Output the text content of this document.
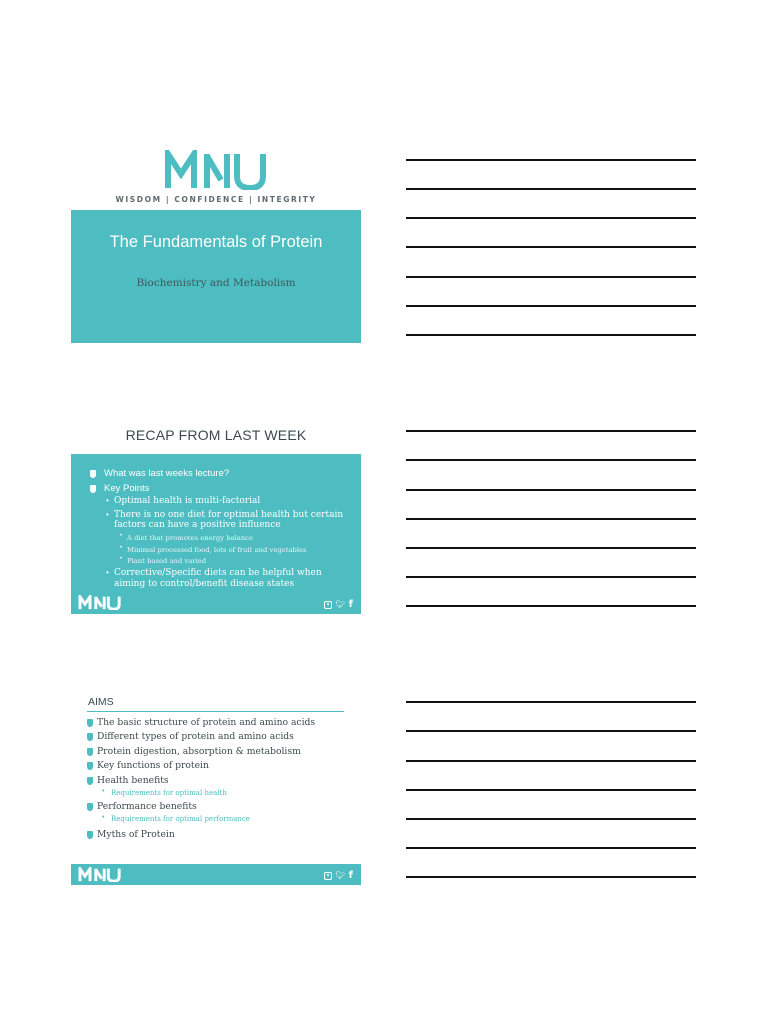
WISDOM | CONFIDENCE | INTEGRITY
The Fundamentals of Protein
Biochemistry and Metabolism
RECAP FROM LAST WEEK
What was last weeks lecture?
Key Points
• Optimal health is multi-factorial
• There is no one diet for optimal health but certain
factors can have a positive influence
• A diet that promotes energy balance
• Minimal processed food, lots of fruit and vegetables
• Plant based and varied
• Corrective/Specific diets can be helpful when
aiming to control/benefit disease states
🐦︎ f
AIMS
The basic structure of protein and amino acids
Different types of protein and amino acids
Protein digestion, absorption & metabolism
Key functions of protein
Health benefits
• Requirements for optimal health
Performance benefits
• Requirements for optimal performance
Myths of Protein
🐦︎ f
